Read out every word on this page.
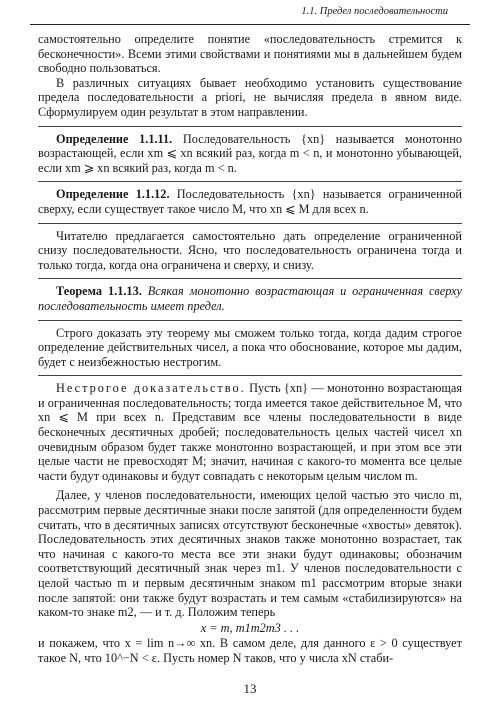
1.1. Предел последовательности

самостоятельно определите понятие «последовательность стремится к бесконечности». Всеми этими свойствами и понятиями мы в дальнейшем будем свободно пользоваться.

В различных ситуациях бывает необходимо установить существование предела последовательности a priori, не вычисляя предела в явном виде. Сформулируем один результат в этом направлении.

Определение 1.1.11. Последовательность {xn} называется монотонно возрастающей, если xm ⩽ xn всякий раз, когда m < n, и монотонно убывающей, если xm ⩾ xn всякий раз, когда m < n.

Определение 1.1.12. Последовательность {xn} называется ограниченной сверху, если существует такое число M, что xn ⩽ M для всех n.

Читателю предлагается самостоятельно дать определение ограниченной снизу последовательности. Ясно, что последовательность ограничена тогда и только тогда, когда она ограничена и сверху, и снизу.

Теорема 1.1.13. Всякая монотонно возрастающая и ограниченная сверху последовательность имеет предел.

Строго доказать эту теорему мы сможем только тогда, когда дадим строгое определение действительных чисел, а пока что обоснование, которое мы дадим, будет с неизбежностью нестрогим.

Нестрогое доказательство. Пусть {xn} — монотонно возрастающая и ограниченная последовательность; тогда имеется такое действительное M, что xn ⩽ M при всех n. Представим все члены последовательности в виде бесконечных десятичных дробей; последовательность целых частей чисел xn очевидным образом будет также монотонно возрастающей, и при этом все эти целые части не превосходят M; значит, начиная с какого-то момента все целые части будут одинаковы и будут совпадать с некоторым целым числом m.

Далее, у членов последовательности, имеющих целой частью это число m, рассмотрим первые десятичные знаки после запятой (для определенности будем считать, что в десятичных записях отсутствуют бесконечные «хвосты» девяток). Последовательность этих десятичных знаков также монотонно возрастает, так что начиная с какого-то места все эти знаки будут одинаковы; обозначим соответствующий десятичный знак через m1. У членов последовательности с целой частью m и первым десятичным знаком m1 рассмотрим вторые знаки после запятой: они также будут возрастать и тем самым «стабилизируются» на каком-то знаке m2, — и т. д. Положим теперь

x = m, m1m2m3 . . .

и покажем, что x = lim n→∞ xn. В самом деле, для данного ε > 0 существует такое N, что 10^−N < ε. Пусть номер N таков, что у числа xN стаби-

13
